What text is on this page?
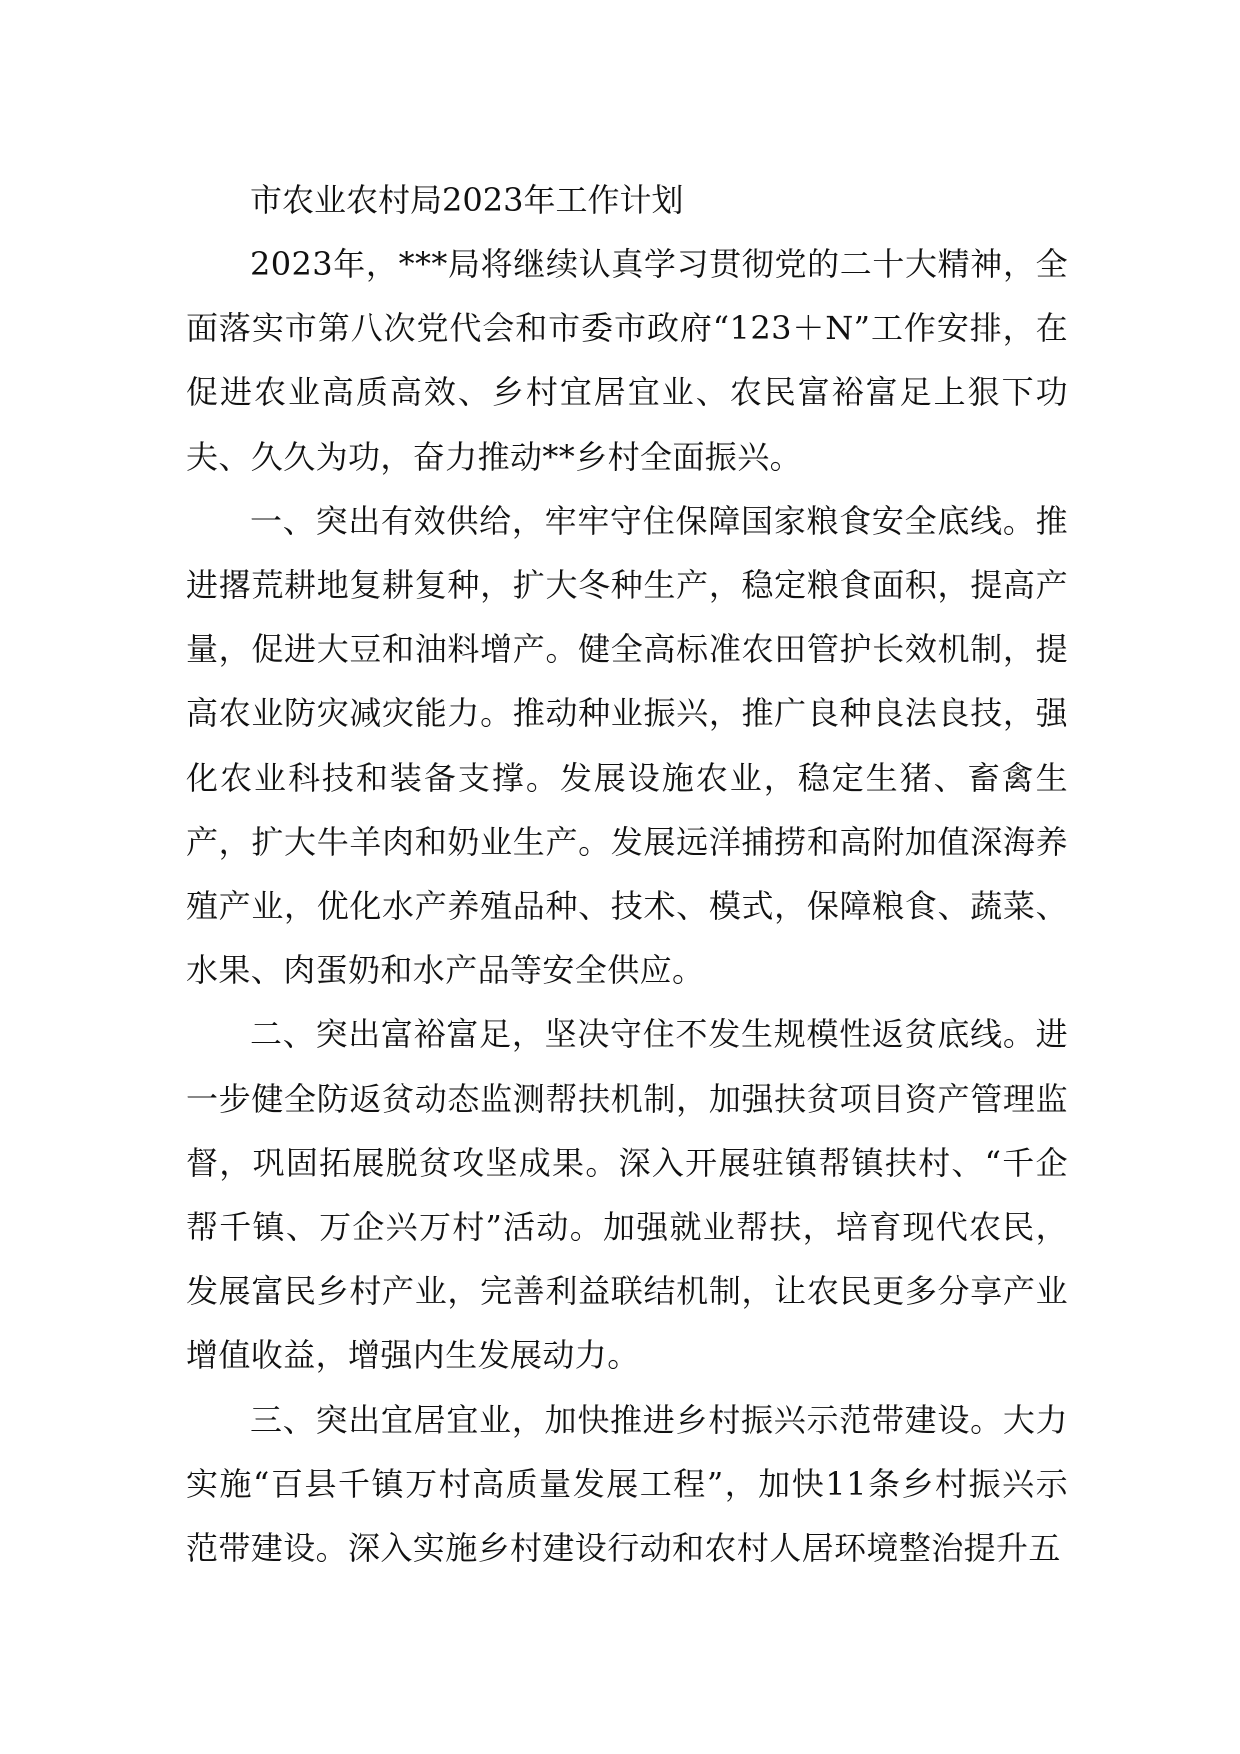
市农业农村局2023年工作计划

2023年，***局将继续认真学习贯彻党的二十大精神，全面落实市第八次党代会和市委市政府“123＋N”工作安排，在促进农业高质高效、乡村宜居宜业、农民富裕富足上狠下功夫、久久为功，奋力推动**乡村全面振兴。

一、突出有效供给，牢牢守住保障国家粮食安全底线。推进撂荒耕地复耕复种，扩大冬种生产，稳定粮食面积，提高产量，促进大豆和油料增产。健全高标准农田管护长效机制，提高农业防灾减灾能力。推动种业振兴，推广良种良法良技，强化农业科技和装备支撑。发展设施农业，稳定生猪、畜禽生产，扩大牛羊肉和奶业生产。发展远洋捕捞和高附加值深海养殖产业，优化水产养殖品种、技术、模式，保障粮食、蔬菜、水果、肉蛋奶和水产品等安全供应。

二、突出富裕富足，坚决守住不发生规模性返贫底线。进一步健全防返贫动态监测帮扶机制，加强扶贫项目资产管理监督，巩固拓展脱贫攻坚成果。深入开展驻镇帮镇扶村、“千企帮千镇、万企兴万村”活动。加强就业帮扶，培育现代农民，发展富民乡村产业，完善利益联结机制，让农民更多分享产业增值收益，增强内生发展动力。

三、突出宜居宜业，加快推进乡村振兴示范带建设。大力实施“百县千镇万村高质量发展工程”，加快11条乡村振兴示范带建设。深入实施乡村建设行动和农村人居环境整治提升五
